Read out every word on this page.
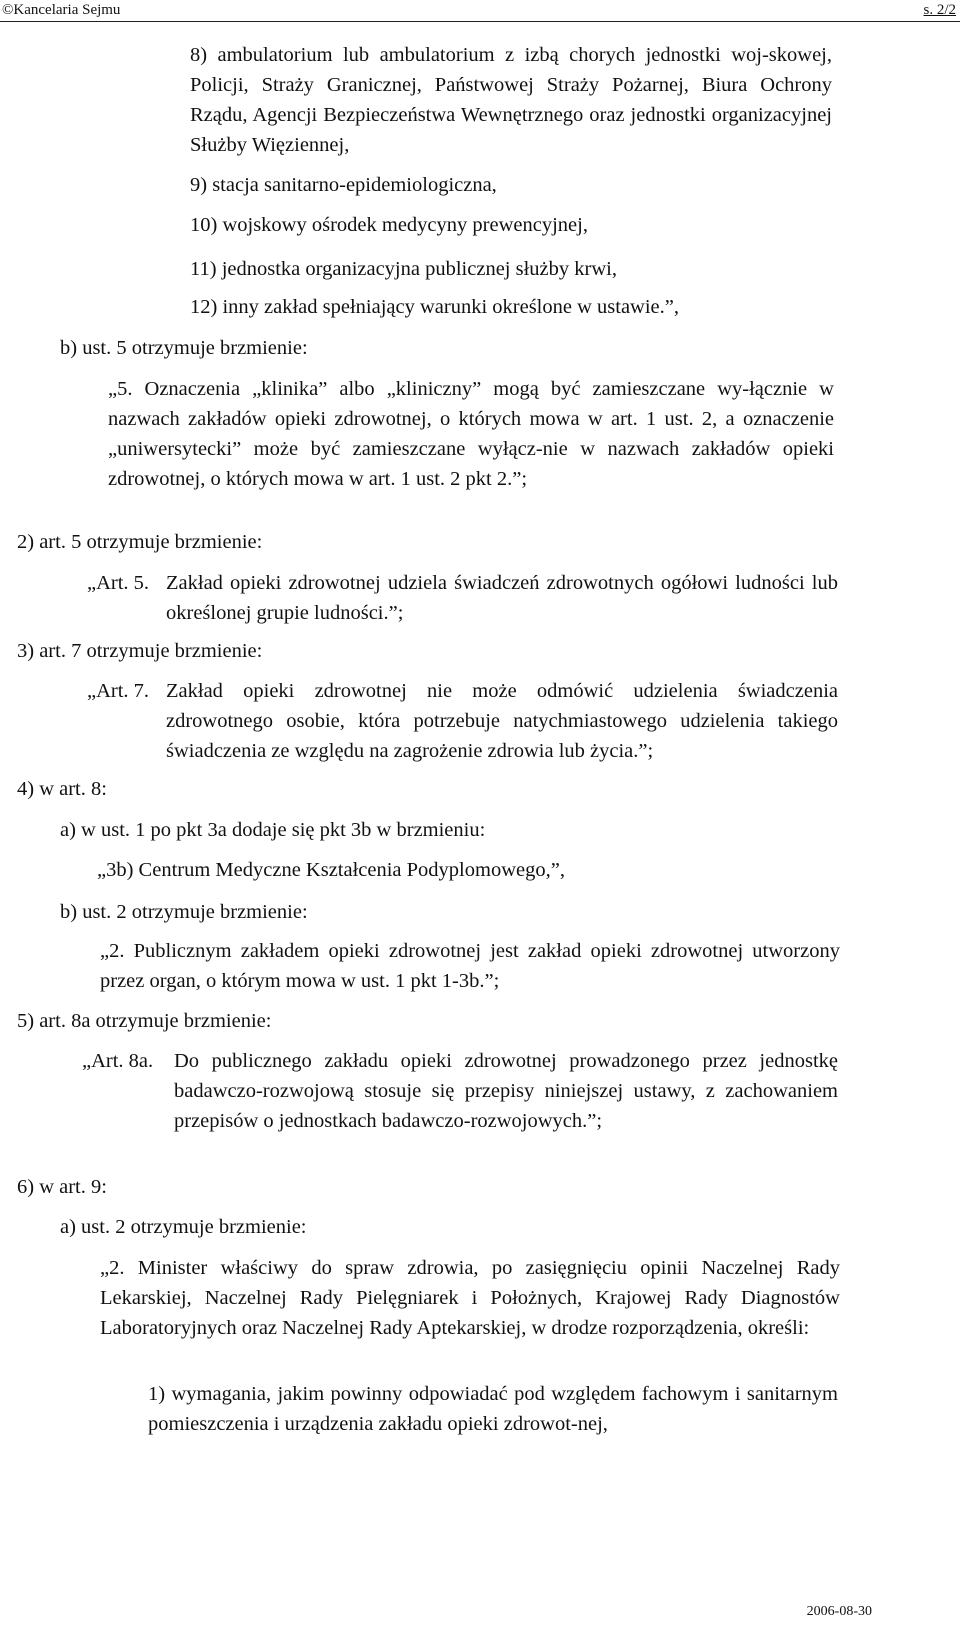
©Kancelaria Sejmu	s. 2/2

8) ambulatorium lub ambulatorium z izbą chorych jednostki woj-skowej, Policji, Straży Granicznej, Państwowej Straży Pożarnej, Biura Ochrony Rządu, Agencji Bezpieczeństwa Wewnętrznego oraz jednostki organizacyjnej Służby Więziennej,

9) stacja sanitarno-epidemiologiczna,

10) wojskowy ośrodek medycyny prewencyjnej,

11) jednostka organizacyjna publicznej służby krwi,

12) inny zakład spełniający warunki określone w ustawie.”,

b) ust. 5 otrzymuje brzmienie:

„5. Oznaczenia „klinika” albo „kliniczny” mogą być zamieszczane wy-łącznie w nazwach zakładów opieki zdrowotnej, o których mowa w art. 1 ust. 2, a oznaczenie „uniwersytecki” może być zamieszczane wyłącz-nie w nazwach zakładów opieki zdrowotnej, o których mowa w art. 1 ust. 2 pkt 2.”;

2) art. 5 otrzymuje brzmienie:

„Art. 5. Zakład opieki zdrowotnej udziela świadczeń zdrowotnych ogółowi ludności lub określonej grupie ludności.”;

3) art. 7 otrzymuje brzmienie:

„Art. 7. Zakład opieki zdrowotnej nie może odmówić udzielenia świadczenia zdrowotnego osobie, która potrzebuje natychmiastowego udzielenia takiego świadczenia ze względu na zagrożenie zdrowia lub życia.”;

4) w art. 8:

a) w ust. 1 po pkt 3a dodaje się pkt 3b w brzmieniu:

„3b) Centrum Medyczne Kształcenia Podyplomowego,”,

b) ust. 2 otrzymuje brzmienie:

„2. Publicznym zakładem opieki zdrowotnej jest zakład opieki zdrowotnej utworzony przez organ, o którym mowa w ust. 1 pkt 1-3b.”;

5) art. 8a otrzymuje brzmienie:

„Art. 8a. Do publicznego zakładu opieki zdrowotnej prowadzonego przez jednostkę badawczo-rozwojową stosuje się przepisy niniejszej ustawy, z zachowaniem przepisów o jednostkach badawczo-rozwojowych.”;

6) w art. 9:

a) ust. 2 otrzymuje brzmienie:

„2. Minister właściwy do spraw zdrowia, po zasięgnięciu opinii Naczelnej Rady Lekarskiej, Naczelnej Rady Pielęgniarek i Położnych, Krajowej Rady Diagnostów Laboratoryjnych oraz Naczelnej Rady Aptekarskiej, w drodze rozporządzenia, określi:

1) wymagania, jakim powinny odpowiadać pod względem fachowym i sanitarnym pomieszczenia i urządzenia zakładu opieki zdrowot-nej,

2006-08-30
